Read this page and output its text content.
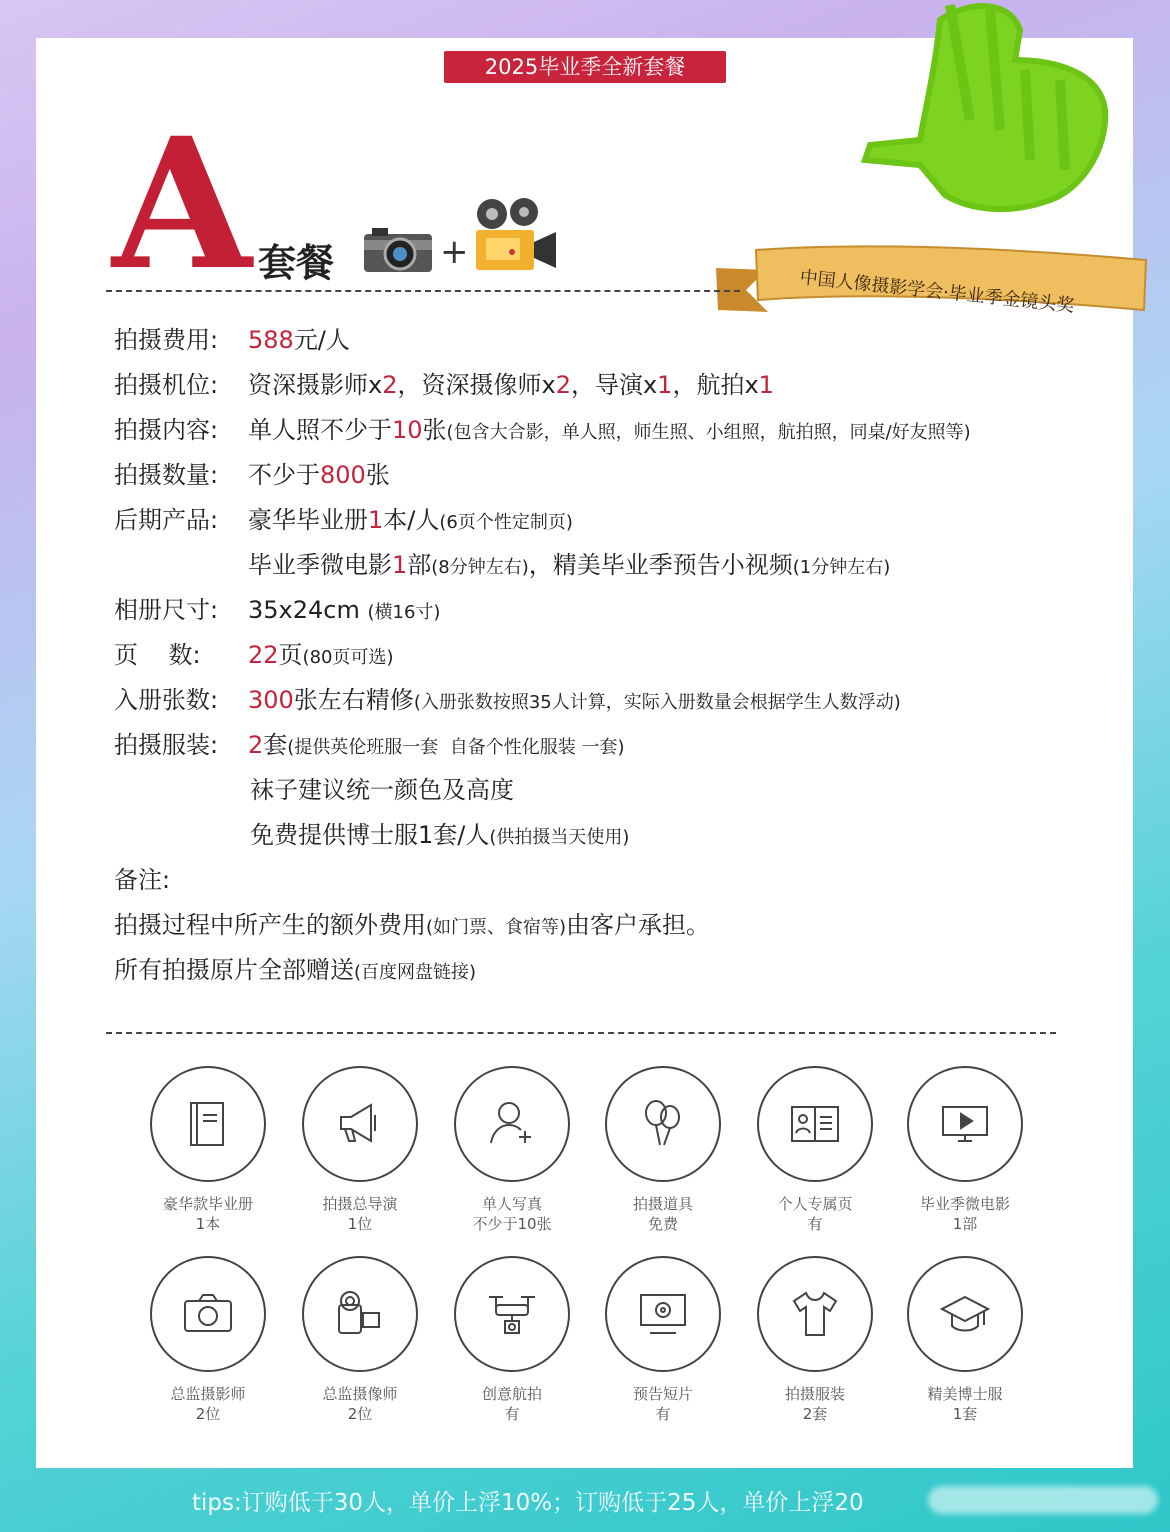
2025毕业季全新套餐
中国人像摄影学会·毕业季金镜头奖
A 套餐	+
拍摄费用: 588元/人
拍摄机位: 资深摄影师x2，资深摄像师x2，导演x1，航拍x1
拍摄内容: 单人照不少于10张(包含大合影，单人照，师生照、小组照，航拍照，同桌/好友照等)
拍摄数量: 不少于800张
后期产品: 豪华毕业册1本/人(6页个性定制页)
毕业季微电影1部(8分钟左右)，精美毕业季预告小视频(1分钟左右)
相册尺寸: 35x24cm (横16寸)
页    数: 22页(80页可选)
入册张数: 300张左右精修(入册张数按照35人计算，实际入册数量会根据学生人数浮动)
拍摄服装: 2套(提供英伦班服一套  自备个性化服装 一套)
袜子建议统一颜色及高度
免费提供博士服1套/人(供拍摄当天使用)
备注:
拍摄过程中所产生的额外费用(如门票、食宿等)由客户承担。
所有拍摄原片全部赠送(百度网盘链接)
豪华款毕业册
1本
拍摄总导演
1位
单人写真
不少于10张
拍摄道具
免费
个人专属页
有
毕业季微电影
1部
总监摄影师
2位
总监摄像师
2位
创意航拍
有
预告短片
有
拍摄服装
2套
精美博士服
1套
tips:订购低于30人，单价上浮10%；订购低于25人，单价上浮20
